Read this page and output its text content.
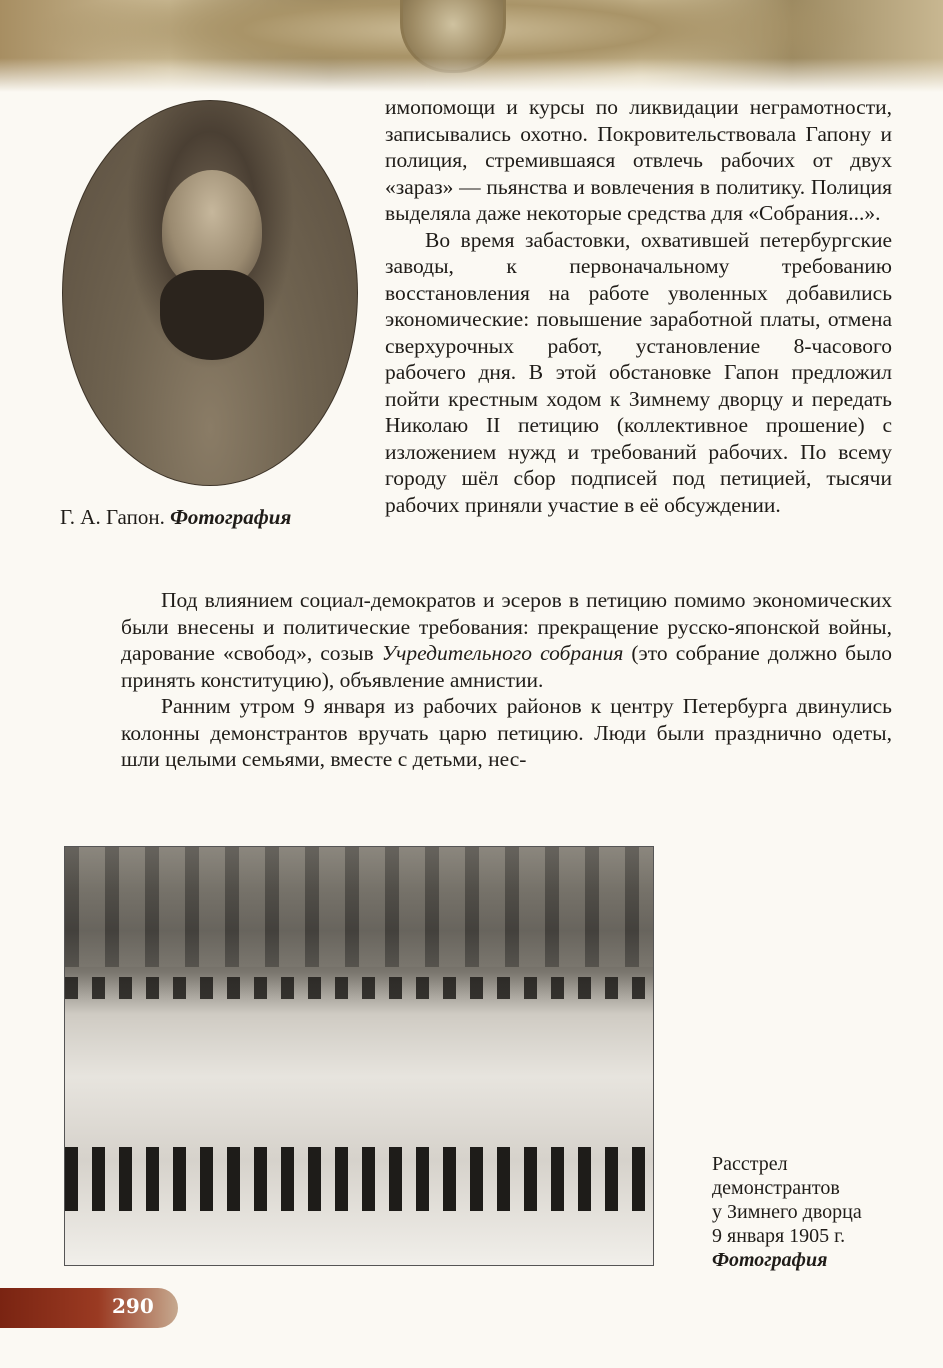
Г. А. Гапон. Фотография

имопомощи и курсы по ликвидации неграмотности, записывались охотно. Покровительствовала Гапону и полиция, стремившаяся отвлечь рабочих от двух «зараз» — пьянства и вовлечения в политику. Полиция выделяла даже некоторые средства для «Собрания...».

Во время забастовки, охватившей петербургские заводы, к первоначальному требованию восстановления на работе уволенных добавились экономические: повышение заработной платы, отмена сверхурочных работ, установление 8-часового рабочего дня. В этой обстановке Гапон предложил пойти крестным ходом к Зимнему дворцу и передать Николаю II петицию (коллективное прошение) с изложением нужд и требований рабочих. По всему городу шёл сбор подписей под петицией, тысячи рабочих приняли участие в её обсуждении.

Под влиянием социал-демократов и эсеров в петицию помимо экономических были внесены и политические требования: прекращение русско-японской войны, дарование «свобод», созыв Учредительного собрания (это собрание должно было принять конституцию), объявление амнистии.

Ранним утром 9 января из рабочих районов к центру Петербурга двинулись колонны демонстрантов вручать царю петицию. Люди были празднично одеты, шли целыми семьями, вместе с детьми, нес-

Расстрел
демонстрантов
у Зимнего дворца
9 января 1905 г.
Фотография
290
